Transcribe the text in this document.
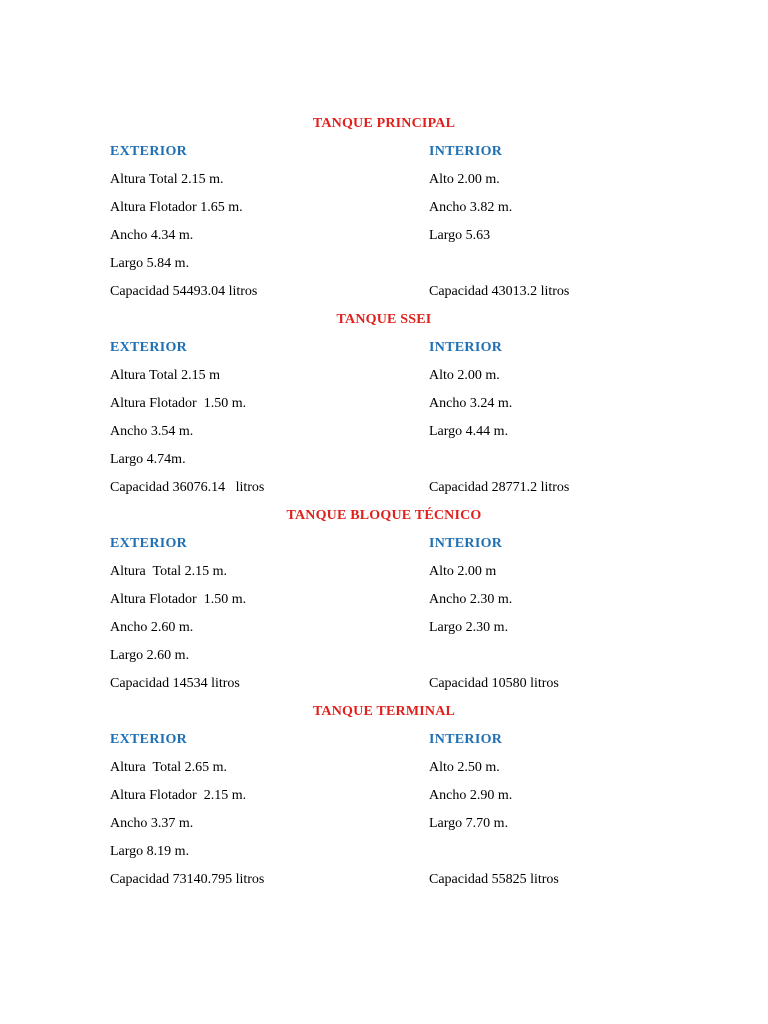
TANQUE PRINCIPAL
EXTERIOR
Altura Total 2.15 m.
Altura Flotador 1.65 m.
Ancho 4.34 m.
Largo 5.84 m.
Capacidad 54493.04 litros
INTERIOR
Alto 2.00 m.
Ancho 3.82 m.
Largo 5.63
Capacidad 43013.2 litros
TANQUE SSEI
EXTERIOR
Altura Total 2.15 m
Altura Flotador  1.50 m.
Ancho 3.54 m.
Largo 4.74m.
Capacidad 36076.14   litros
INTERIOR
Alto 2.00 m.
Ancho 3.24 m.
Largo 4.44 m.
Capacidad 28771.2 litros
TANQUE BLOQUE TÉCNICO
EXTERIOR
Altura  Total 2.15 m.
Altura Flotador  1.50 m.
Ancho 2.60 m.
Largo 2.60 m.
Capacidad 14534 litros
INTERIOR
Alto 2.00 m
Ancho 2.30 m.
Largo 2.30 m.
Capacidad 10580 litros
TANQUE TERMINAL
EXTERIOR
Altura  Total 2.65 m.
Altura Flotador  2.15 m.
Ancho 3.37 m.
Largo 8.19 m.
Capacidad 73140.795 litros
INTERIOR
Alto 2.50 m.
Ancho 2.90 m.
Largo 7.70 m.
Capacidad 55825 litros
